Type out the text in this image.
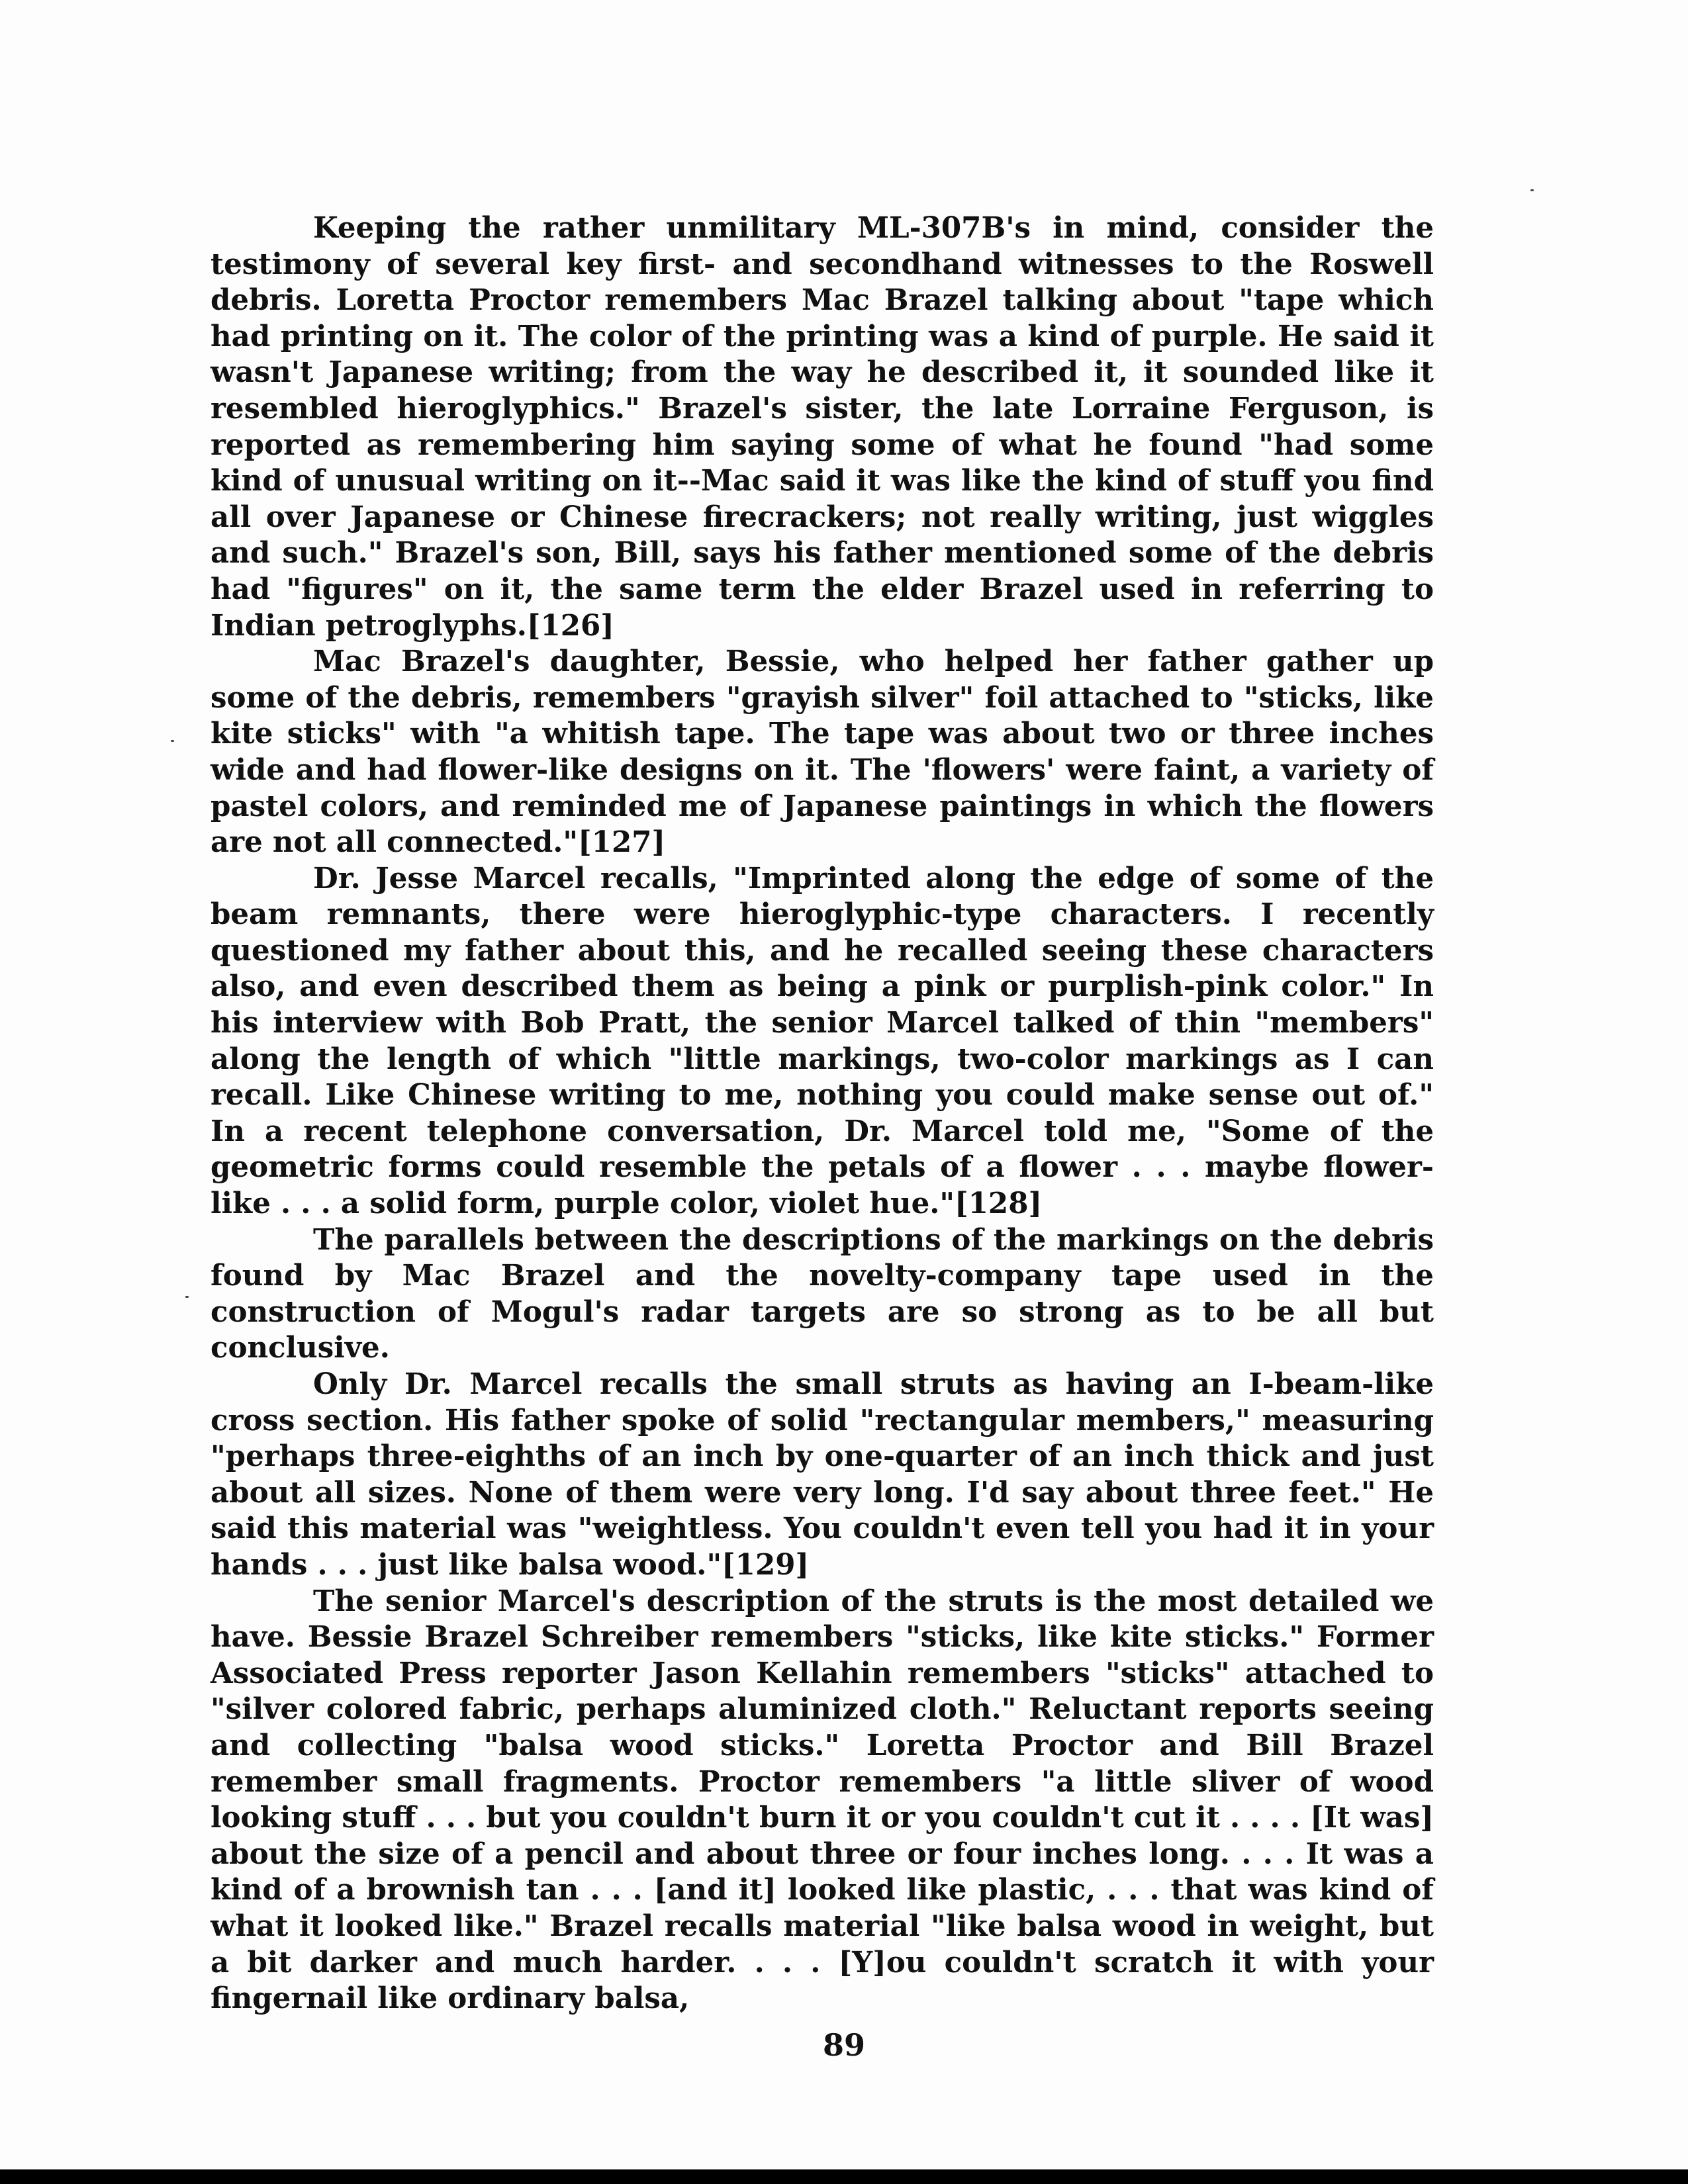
Keeping the rather unmilitary ML-307B's in mind, consider the testimony of several key first- and secondhand witnesses to the Roswell debris. Loretta Proctor remembers Mac Brazel talking about "tape which had printing on it. The color of the printing was a kind of purple. He said it wasn't Japanese writing; from the way he described it, it sounded like it resembled hieroglyphics." Brazel's sister, the late Lorraine Ferguson, is reported as remembering him saying some of what he found "had some kind of unusual writing on it--Mac said it was like the kind of stuff you find all over Japanese or Chinese firecrackers; not really writing, just wiggles and such." Brazel's son, Bill, says his father mentioned some of the debris had "figures" on it, the same term the elder Brazel used in referring to Indian petroglyphs.[126]

Mac Brazel's daughter, Bessie, who helped her father gather up some of the debris, remembers "grayish silver" foil attached to "sticks, like kite sticks" with "a whitish tape. The tape was about two or three inches wide and had flower-like designs on it. The 'flowers' were faint, a variety of pastel colors, and reminded me of Japanese paintings in which the flowers are not all connected."[127]

Dr. Jesse Marcel recalls, "Imprinted along the edge of some of the beam remnants, there were hieroglyphic-type characters. I recently questioned my father about this, and he recalled seeing these characters also, and even described them as being a pink or purplish-pink color." In his interview with Bob Pratt, the senior Marcel talked of thin "members" along the length of which "little markings, two-color markings as I can recall. Like Chinese writing to me, nothing you could make sense out of." In a recent telephone conversation, Dr. Marcel told me, "Some of the geometric forms could resemble the petals of a flower . . . maybe flower-like . . . a solid form, purple color, violet hue."[128]

The parallels between the descriptions of the markings on the debris found by Mac Brazel and the novelty-company tape used in the construction of Mogul's radar targets are so strong as to be all but conclusive.

Only Dr. Marcel recalls the small struts as having an I-beam-like cross section. His father spoke of solid "rectangular members," measuring "perhaps three-eighths of an inch by one-quarter of an inch thick and just about all sizes. None of them were very long. I'd say about three feet." He said this material was "weightless. You couldn't even tell you had it in your hands . . . just like balsa wood."[129]

The senior Marcel's description of the struts is the most detailed we have. Bessie Brazel Schreiber remembers "sticks, like kite sticks." Former Associated Press reporter Jason Kellahin remembers "sticks" attached to "silver colored fabric, perhaps aluminized cloth." Reluctant reports seeing and collecting "balsa wood sticks." Loretta Proctor and Bill Brazel remember small fragments. Proctor remembers "a little sliver of wood looking stuff . . . but you couldn't burn it or you couldn't cut it . . . . [It was] about the size of a pencil and about three or four inches long. . . . It was a kind of a brownish tan . . . [and it] looked like plastic, . . . that was kind of what it looked like." Brazel recalls material "like balsa wood in weight, but a bit darker and much harder. . . . [Y]ou couldn't scratch it with your fingernail like ordinary balsa,

89
